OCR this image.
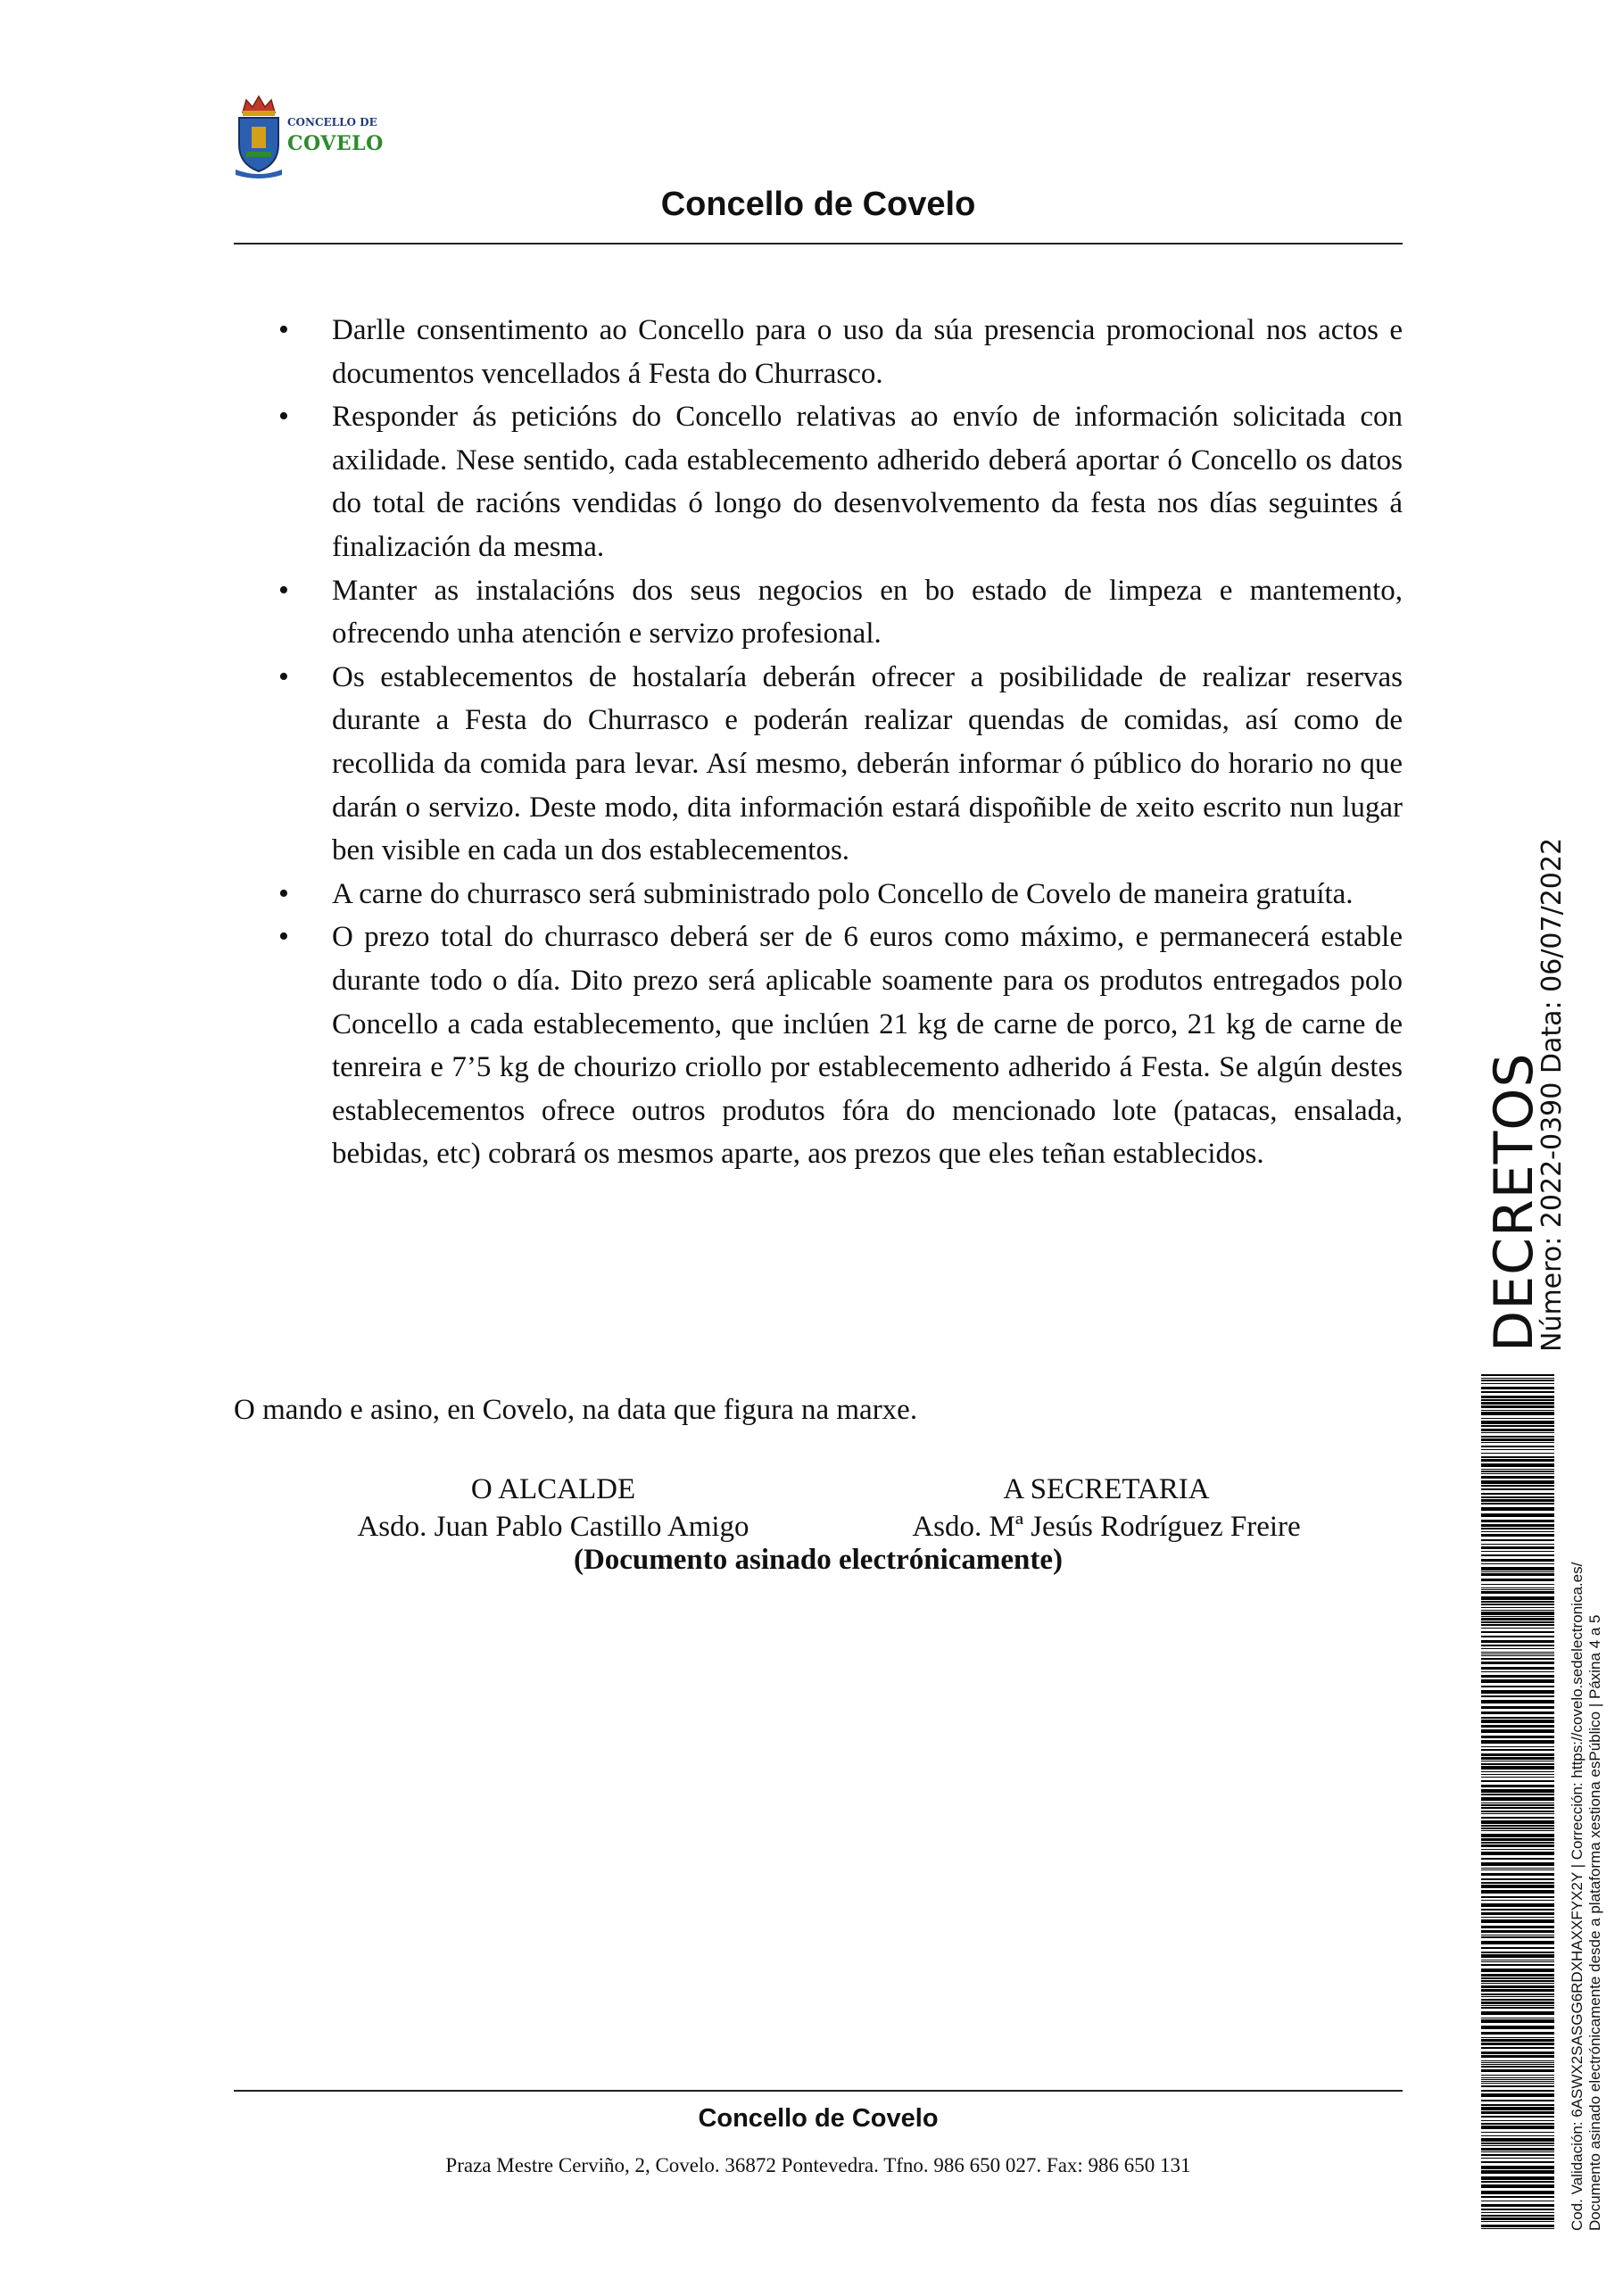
CONCELLO DE
COVELO
Concello de Covelo
• Darlle consentimento ao Concello para o uso da súa presencia promocional nos actos e documentos vencellados á Festa do Churrasco.
• Responder ás peticións do Concello relativas ao envío de información solicitada con axilidade. Nese sentido, cada establecemento adherido deberá aportar ó Concello os datos do total de racións vendidas ó longo do desenvolvemento da festa nos días seguintes á finalización da mesma.
• Manter as instalacións dos seus negocios en bo estado de limpeza e mantemento, ofrecendo unha atención e servizo profesional.
• Os establecementos de hostalaría deberán ofrecer a posibilidade de realizar reservas durante a Festa do Churrasco e poderán realizar quendas de comidas, así como de recollida da comida para levar. Así mesmo, deberán informar ó público do horario no que darán o servizo. Deste modo, dita información estará dispoñible de xeito escrito nun lugar ben visible en cada un dos establecementos.
• A carne do churrasco será subministrado polo Concello de Covelo de maneira gratuíta.
• O prezo total do churrasco deberá ser de 6 euros como máximo, e permanecerá estable durante todo o día. Dito prezo será aplicable soamente para os produtos entregados polo Concello a cada establecemento, que inclúen 21 kg de carne de porco, 21 kg de carne de tenreira e 7’5 kg de chourizo criollo por establecemento adherido á Festa. Se algún destes establecementos ofrece outros produtos fóra do mencionado lote (patacas, ensalada, bebidas, etc) cobrará os mesmos aparte, aos prezos que eles teñan establecidos.
O mando e asino, en Covelo, na data que figura na marxe.
O ALCALDE
Asdo. Juan Pablo Castillo Amigo
A SECRETARIA
Asdo. Mª Jesús Rodríguez Freire
(Documento asinado electrónicamente)
Concello de Covelo
Praza Mestre Cerviño, 2, Covelo. 36872 Pontevedra. Tfno. 986 650 027. Fax: 986 650 131
DECRETOS
Número: 2022-0390 Data: 06/07/2022
Cod. Validación: 6ASWX2SASGG6RDXHAXXFYX2Y | Corrección: https://covelo.sedelectronica.es/ Documento asinado electrónicamente desde a plataforma xestiona esPúblico | Páxina 4 a 5
